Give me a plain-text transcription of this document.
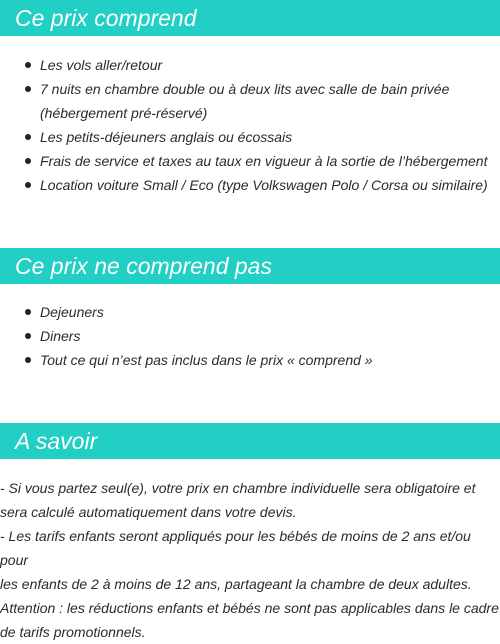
Ce prix comprend
Les vols aller/retour
7 nuits en chambre double ou à deux lits avec salle de bain privée
(hébergement pré-réservé)
Les petits-déjeuners anglais ou écossais
Frais de service et taxes au taux en vigueur à la sortie de l’hébergement
Location voiture Small / Eco (type Volkswagen Polo / Corsa ou similaire)
Ce prix ne comprend pas
Dejeuners
Diners
Tout ce qui n’est pas inclus dans le prix « comprend »
A savoir

- Si vous partez seul(e), votre prix en chambre individuelle sera obligatoire et

sera calculé automatiquement dans votre devis.

- Les tarifs enfants seront appliqués pour les bébés de moins de 2 ans et/ou pour

les enfants de 2 à moins de 12 ans, partageant la chambre de deux adultes.

Attention : les réductions enfants et bébés ne sont pas applicables dans le cadre

de tarifs promotionnels.
